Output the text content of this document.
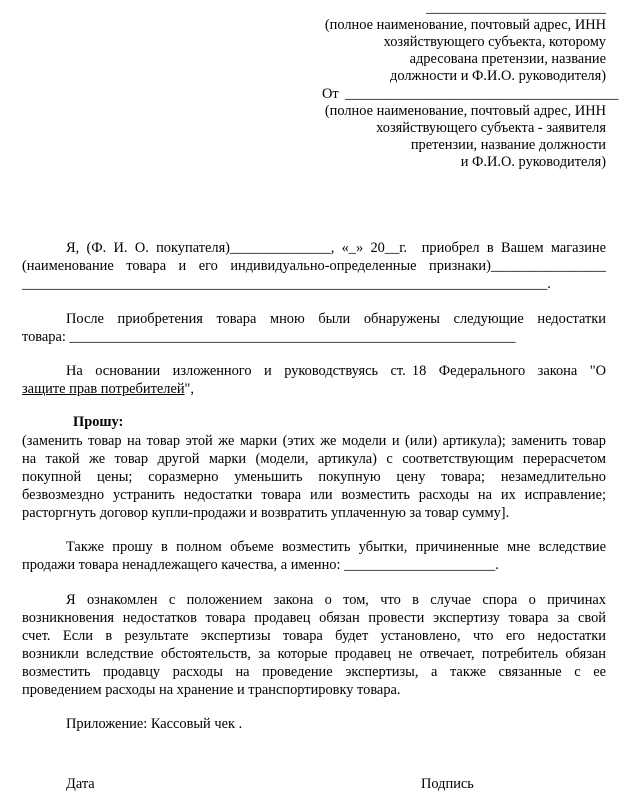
_________________________
(полное наименование, почтовый адрес, ИНН
хозяйствующего субъекта, которому
адресована претензии, название
должности и Ф.И.О. руководителя)
От ______________________________________
(полное наименование, почтовый адрес, ИНН
хозяйствующего субъекта - заявителя
претензии, название должности
и Ф.И.О. руководителя)
Я, (Ф. И. О. покупателя)______________, «_» 20__г.  приобрел в Вашем магазине
(наименование товара и его индивидуально-определенные признаки)________________
_________________________________________________________________________.
После  приобретения  товара  мною  были  обнаружены  следующие  недостатки
товара: ______________________________________________________________
На  основании  изложенного  и  руководствуясь  ст. 18  Федерального  закона  "О
защите прав потребителей",
Прошу:
(заменить товар на товар этой же марки (этих же модели и (или) артикула); заменить товар
на  такой  же  товар  другой  марки  (модели,  артикула)  с  соответствующим  перерасчетом
покупной  цены;  соразмерно  уменьшить  покупную  цену  товара;  незамедлительно
безвозмездно  устранить  недостатки  товара  или  возместить  расходы  на  их  исправление;
расторгнуть договор купли-продажи и возвратить уплаченную за товар сумму].
Также прошу в полном объеме возместить убытки, причиненные мне вследствие
продажи товара ненадлежащего качества, а именно: _____________________.
Я  ознакомлен  с  положением  закона  о  том,  что  в  случае  спора  о  причинах
возникновения  недостатков  товара  продавец  обязан  провести  экспертизу  товара  за  свой
счет.  Если  в  результате  экспертизы  товара  будет  установлено,  что  его  недостатки
возникли вследствие обстоятельств, за которые продавец не отвечает, потребитель обязан
возместить  продавцу  расходы  на  проведение  экспертизы,  а  также  связанные  с  ее
проведением расходы на хранение и транспортировку товара.
Приложение: Кассовый чек .
Дата	Подпись
